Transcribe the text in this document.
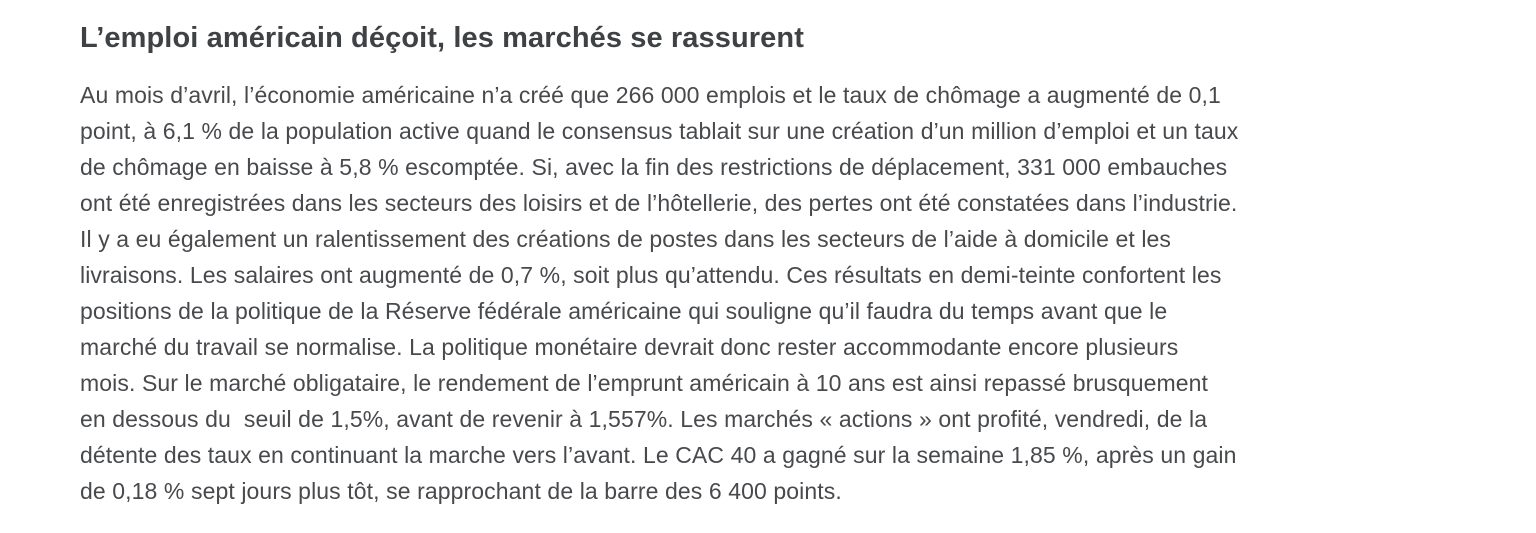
L’emploi américain déçoit, les marchés se rassurent
Au mois d’avril, l’économie américaine n’a créé que 266 000 emplois et le taux de chômage a augmenté de 0,1
point, à 6,1 % de la population active quand le consensus tablait sur une création d’un million d’emploi et un taux
de chômage en baisse à 5,8 % escomptée. Si, avec la fin des restrictions de déplacement, 331 000 embauches
ont été enregistrées dans les secteurs des loisirs et de l’hôtellerie, des pertes ont été constatées dans l’industrie.
Il y a eu également un ralentissement des créations de postes dans les secteurs de l’aide à domicile et les
livraisons. Les salaires ont augmenté de 0,7 %, soit plus qu’attendu. Ces résultats en demi-teinte confortent les
positions de la politique de la Réserve fédérale américaine qui souligne qu’il faudra du temps avant que le
marché du travail se normalise. La politique monétaire devrait donc rester accommodante encore plusieurs
mois. Sur le marché obligataire, le rendement de l’emprunt américain à 10 ans est ainsi repassé brusquement
en dessous du  seuil de 1,5%, avant de revenir à 1,557%. Les marchés « actions » ont profité, vendredi, de la
détente des taux en continuant la marche vers l’avant. Le CAC 40 a gagné sur la semaine 1,85 %, après un gain
de 0,18 % sept jours plus tôt, se rapprochant de la barre des 6 400 points.
